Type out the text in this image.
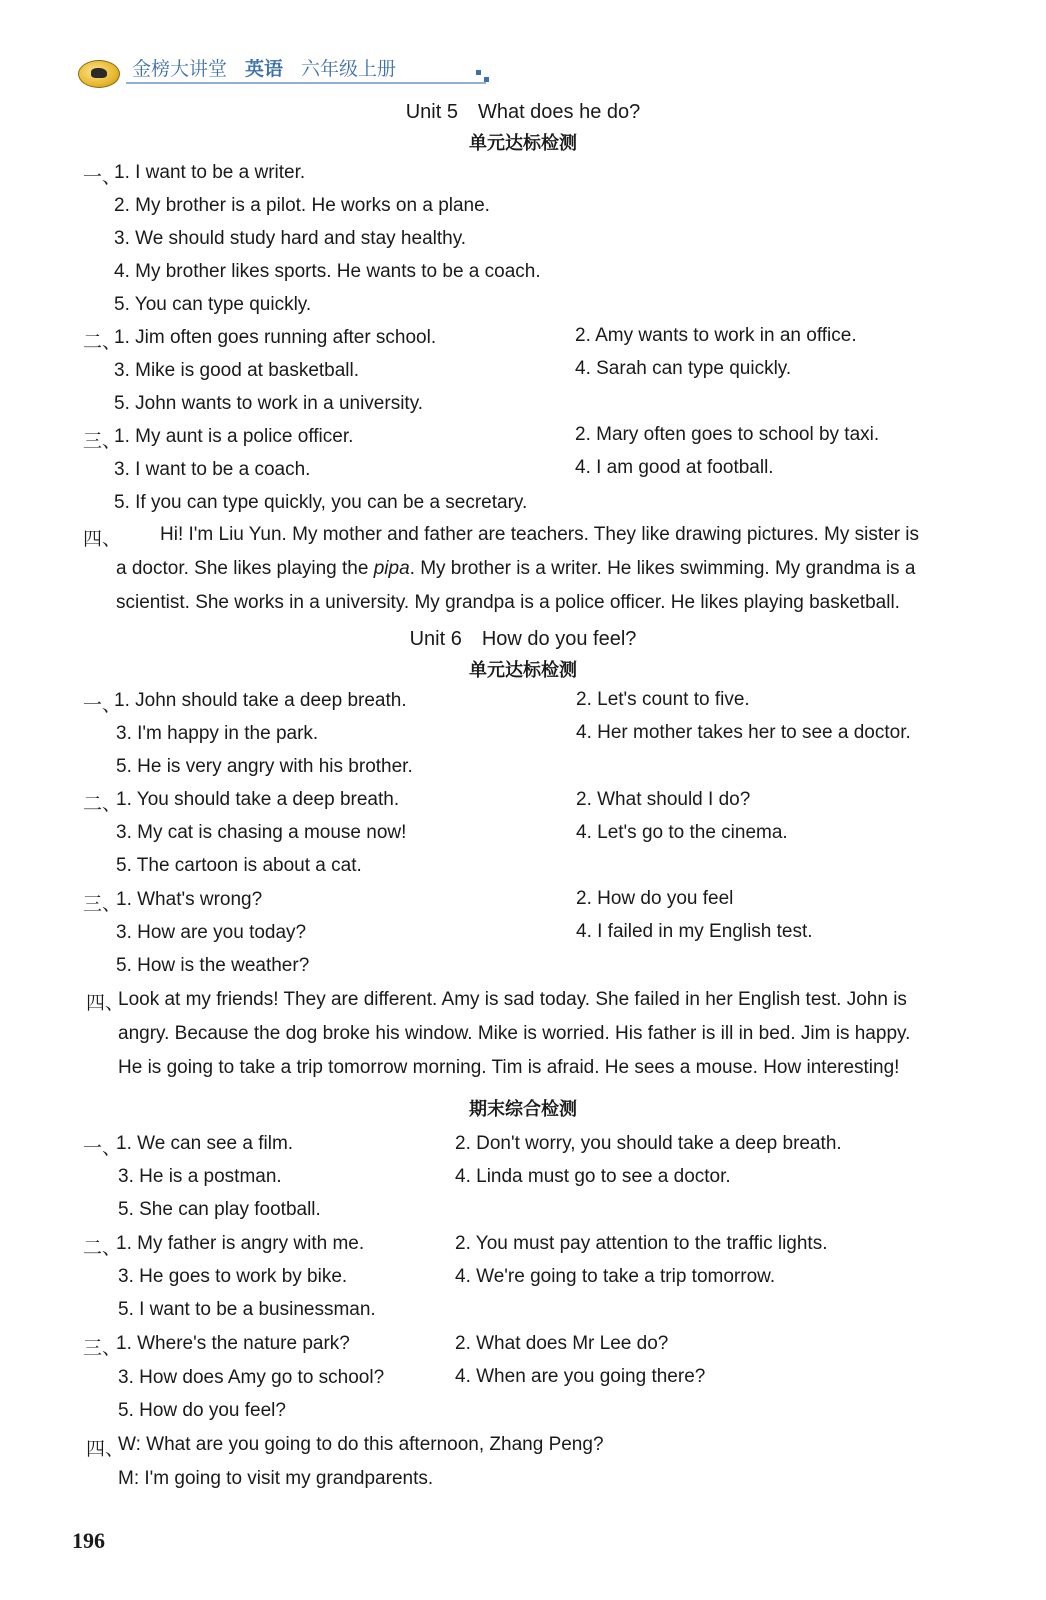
金榜大讲堂 英语 六年级上册
Unit 5　What does he do?
单元达标检测
一、
1. I want to be a writer.
2. My brother is a pilot. He works on a plane.
3. We should study hard and stay healthy.
4. My brother likes sports. He wants to be a coach.
5. You can type quickly.
二、
1. Jim often goes running after school.	2. Amy wants to work in an office.
3. Mike is good at basketball.	4. Sarah can type quickly.
5. John wants to work in a university.
三、
1. My aunt is a police officer.	2. Mary often goes to school by taxi.
3. I want to be a coach.	4. I am good at football.
5. If you can type quickly, you can be a secretary.
四、 Hi! I'm Liu Yun. My mother and father are teachers. They like drawing pictures. My sister is
a doctor. She likes playing the pipa. My brother is a writer. He likes swimming. My grandma is a
scientist. She works in a university. My grandpa is a police officer. He likes playing basketball.
Unit 6　How do you feel?
单元达标检测
一、
1. John should take a deep breath.	2. Let's count to five.
3. I'm happy in the park.	4. Her mother takes her to see a doctor.
5. He is very angry with his brother.
二、
1. You should take a deep breath.	2. What should I do?
3. My cat is chasing a mouse now!	4. Let's go to the cinema.
5. The cartoon is about a cat.
三、
1. What's wrong?	2. How do you feel
3. How are you today?	4. I failed in my English test.
5. How is the weather?
四、
Look at my friends! They are different. Amy is sad today. She failed in her English test. John is
angry. Because the dog broke his window. Mike is worried. His father is ill in bed. Jim is happy.
He is going to take a trip tomorrow morning. Tim is afraid. He sees a mouse. How interesting!
期末综合检测
一、
1. We can see a film.	2. Don't worry, you should take a deep breath.
3. He is a postman.	4. Linda must go to see a doctor.
5. She can play football.
二、
1. My father is angry with me.	2. You must pay attention to the traffic lights.
3. He goes to work by bike.	4. We're going to take a trip tomorrow.
5. I want to be a businessman.
三、
1. Where's the nature park?	2. What does Mr Lee do?
3. How does Amy go to school?	4. When are you going there?
5. How do you feel?
四、
W: What are you going to do this afternoon, Zhang Peng?
M: I'm going to visit my grandparents.
196
